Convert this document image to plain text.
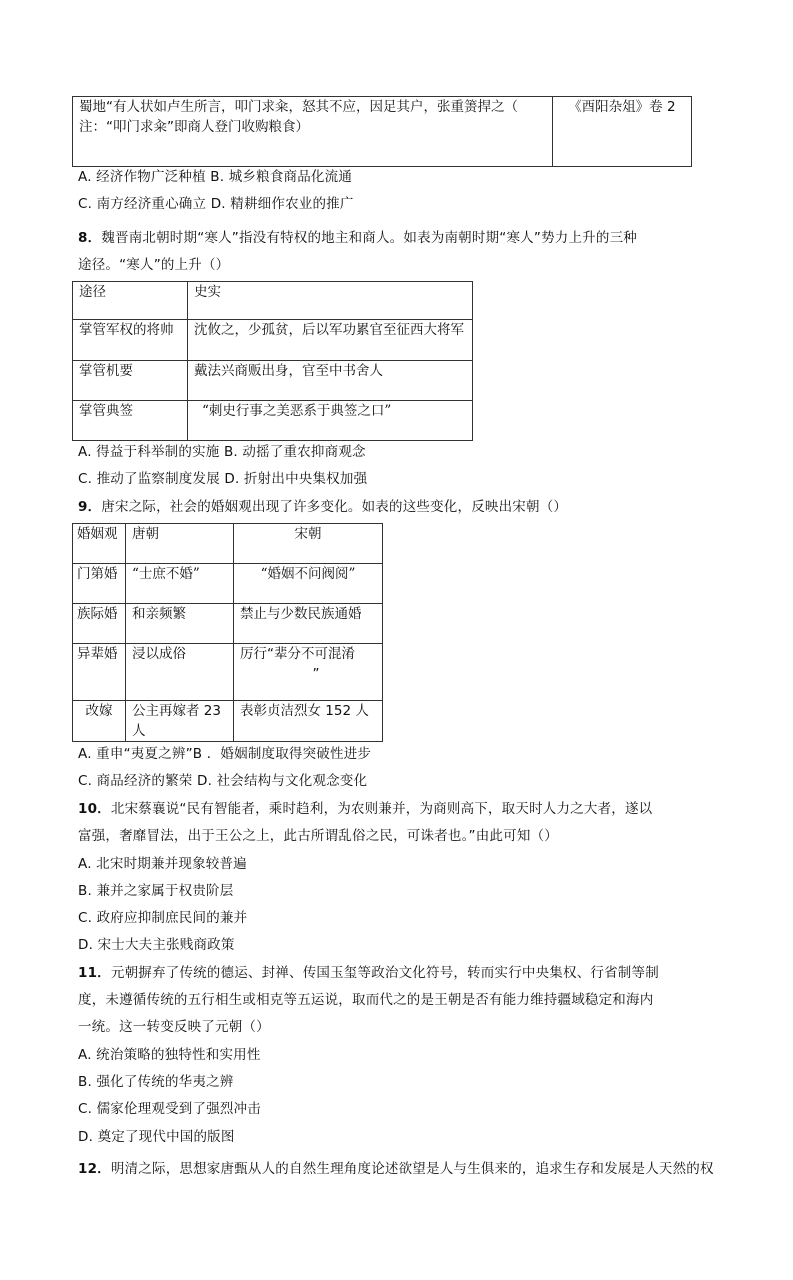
蜀地“有人状如卢生所言，叩门求籴，怒其不应，因足其户，张重箦捍之（
注：“叩门求籴”即商人登门收购粮食）
	《酉阳杂俎》卷 2
A. 经济作物广泛种植 B. 城乡粮食商品化流通
C. 南方经济重心确立 D. 精耕细作农业的推广
8．魏晋南北朝时期“寒人”指没有特权的地主和商人。如表为南朝时期“寒人”势力上升的三种
途径。“寒人”的上升（）
途径	史实
掌管军权的将帅	沈攸之，少孤贫，后以军功累官至征西大将军
掌管机要	戴法兴商贩出身，官至中书舍人
掌管典签	“刺史行事之美恶系于典签之口”
A. 得益于科举制的实施 B. 动摇了重农抑商观念
C. 推动了监察制度发展 D. 折射出中央集权加强
9．唐宋之际，社会的婚姻观出现了许多变化。如表的这些变化，反映出宋朝（）
婚姻观	唐朝	宋朝
门第婚	“士庶不婚”	“婚姻不问阀阅”
族际婚	和亲频繁	禁止与少数民族通婚
异辈婚	浸以成俗	厉行“辈分不可混淆
”

改嫁	公主再嫁者 23 人	表彰贞洁烈女 152 人
A. 重申“夷夏之辨”B ．婚姻制度取得突破性进步
C. 商品经济的繁荣 D. 社会结构与文化观念变化
10．北宋蔡襄说“民有智能者，乘时趋利，为农则兼并，为商则高下，取天时人力之大者，遂以
富强，奢靡冒法，出于王公之上，此古所谓乱俗之民，可诛者也。”由此可知（）
A. 北宋时期兼并现象较普遍
B. 兼并之家属于权贵阶层
C. 政府应抑制庶民间的兼并
D. 宋士大夫主张贱商政策
11．元朝摒弃了传统的德运、封禅、传国玉玺等政治文化符号，转而实行中央集权、行省制等制
度，未遵循传统的五行相生或相克等五运说，取而代之的是王朝是否有能力维持疆域稳定和海内
一统。这一转变反映了元朝（）
A. 统治策略的独特性和实用性
B. 强化了传统的华夷之辨
C. 儒家伦理观受到了强烈冲击
D. 奠定了现代中国的版图
12．明清之际，思想家唐甄从人的自然生理角度论述欲望是人与生俱来的，追求生存和发展是人天然的权
